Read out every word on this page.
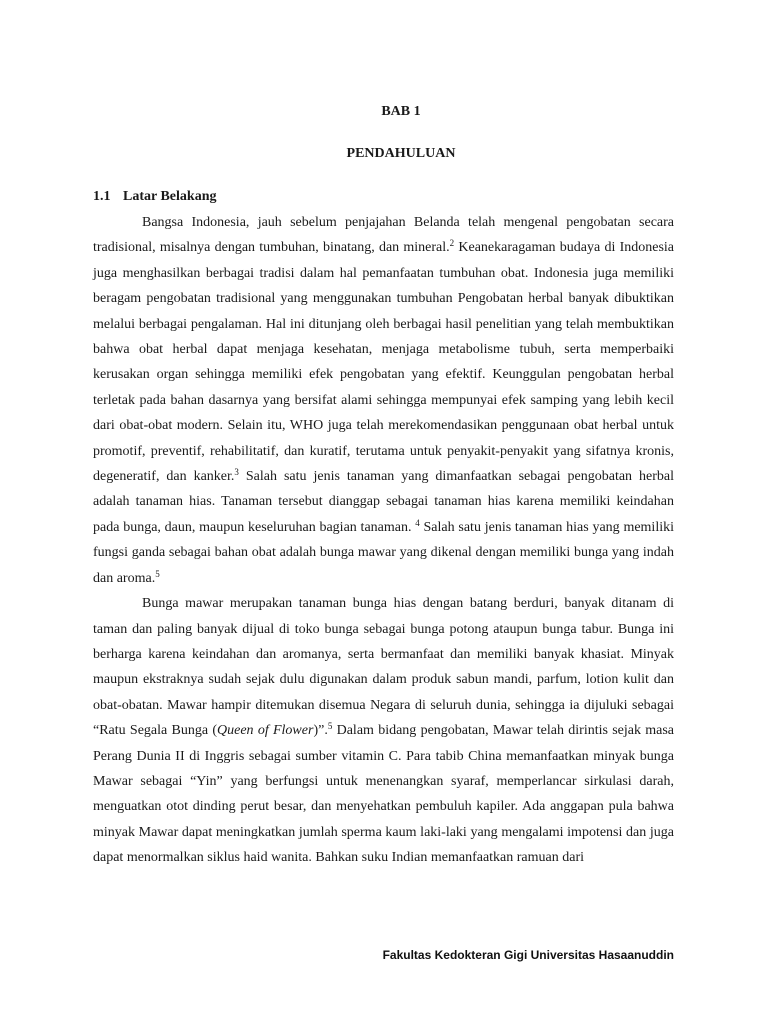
BAB 1
PENDAHULUAN
1.1 Latar Belakang

Bangsa Indonesia, jauh sebelum penjajahan Belanda telah mengenal pengobatan secara tradisional, misalnya dengan tumbuhan, binatang, dan mineral.$^2$ Keanekaragaman budaya di Indonesia juga menghasilkan berbagai tradisi dalam hal pemanfaatan tumbuhan obat. Indonesia juga memiliki beragam pengobatan tradisional yang menggunakan tumbuhan Pengobatan herbal banyak dibuktikan melalui berbagai pengalaman. Hal ini ditunjang oleh berbagai hasil penelitian yang telah membuktikan bahwa obat herbal dapat menjaga kesehatan, menjaga metabolisme tubuh, serta memperbaiki kerusakan organ sehingga memiliki efek pengobatan yang efektif. Keunggulan pengobatan herbal terletak pada bahan dasarnya yang bersifat alami sehingga mempunyai efek samping yang lebih kecil dari obat-obat modern. Selain itu, WHO juga telah merekomendasikan penggunaan obat herbal untuk promotif, preventif, rehabilitatif, dan kuratif, terutama untuk penyakit-penyakit yang sifatnya kronis, degeneratif, dan kanker.$^3$ Salah satu jenis tanaman yang dimanfaatkan sebagai pengobatan herbal adalah tanaman hias. Tanaman tersebut dianggap sebagai tanaman hias karena memiliki keindahan pada bunga, daun, maupun keseluruhan bagian tanaman. $^4$ Salah satu jenis tanaman hias yang memiliki fungsi ganda sebagai bahan obat adalah bunga mawar yang dikenal dengan memiliki bunga yang indah dan aroma.$^5$

Bunga mawar merupakan tanaman bunga hias dengan batang berduri, banyak ditanam di taman dan paling banyak dijual di toko bunga sebagai bunga potong ataupun bunga tabur. Bunga ini berharga karena keindahan dan aromanya, serta bermanfaat dan memiliki banyak khasiat. Minyak maupun ekstraknya sudah sejak dulu digunakan dalam produk sabun mandi, parfum, lotion kulit dan obat-obatan. Mawar hampir ditemukan disemua Negara di seluruh dunia, sehingga ia dijuluki sebagai “Ratu Segala Bunga (Queen of Flower)”.$^5$ Dalam bidang pengobatan, Mawar telah dirintis sejak masa Perang Dunia II di Inggris sebagai sumber vitamin C. Para tabib China memanfaatkan minyak bunga Mawar sebagai “Yin” yang berfungsi untuk menenangkan syaraf, memperlancar sirkulasi darah, menguatkan otot dinding perut besar, dan menyehatkan pembuluh kapiler. Ada anggapan pula bahwa minyak Mawar dapat meningkatkan jumlah sperma kaum laki-laki yang mengalami impotensi dan juga dapat menormalkan siklus haid wanita. Bahkan suku Indian memanfaatkan ramuan dari

Fakultas Kedokteran Gigi Universitas Hasaanuddin
